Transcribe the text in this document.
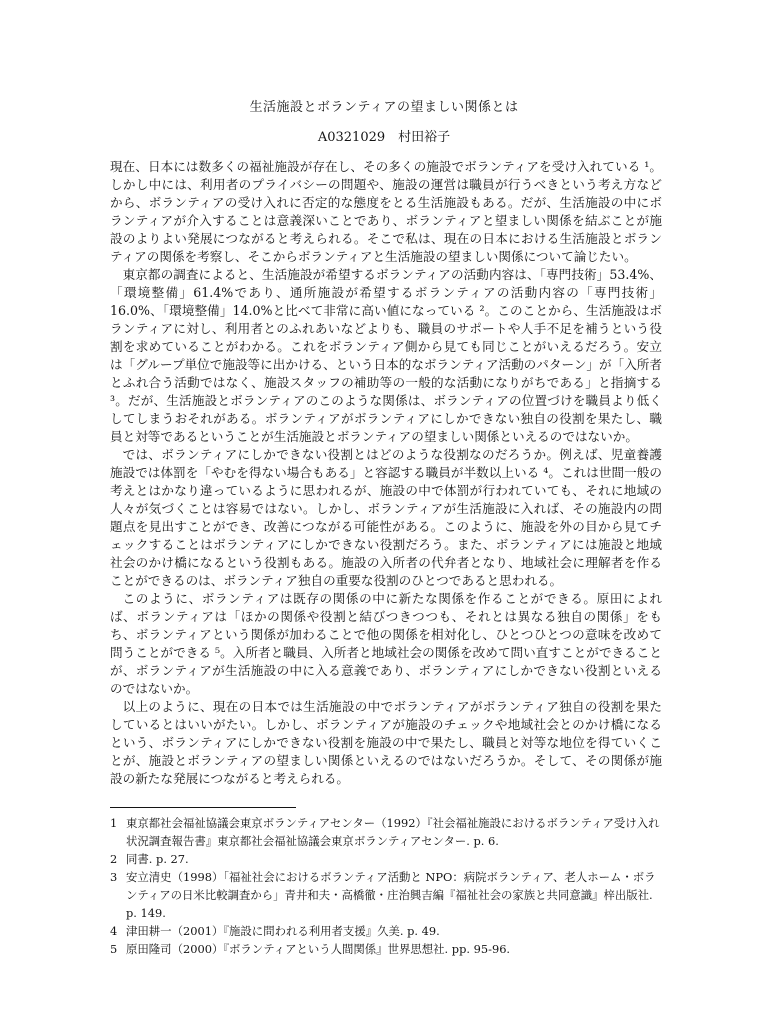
生活施設とボランティアの望ましい関係とは
A0321029　村田裕子

現在、日本には数多くの福祉施設が存在し、その多くの施設でボランティアを受け入れている ¹。しかし中には、利用者のプライバシーの問題や、施設の運営は職員が行うべきという考え方などから、ボランティアの受け入れに否定的な態度をとる生活施設もある。だが、生活施設の中にボランティアが介入することは意義深いことであり、ボランティアと望ましい関係を結ぶことが施設のよりよい発展につながると考えられる。そこで私は、現在の日本における生活施設とボランティアの関係を考察し、そこからボランティアと生活施設の望ましい関係について論じたい。

東京都の調査によると、生活施設が希望するボランティアの活動内容は、「専門技術」53.4%、「環境整備」61.4%であり、通所施設が希望するボランティアの活動内容の「専門技術」16.0%、「環境整備」14.0%と比べて非常に高い値になっている ²。このことから、生活施設はボランティアに対し、利用者とのふれあいなどよりも、職員のサポートや人手不足を補うという役割を求めていることがわかる。これをボランティア側から見ても同じことがいえるだろう。安立は「グループ単位で施設等に出かける、という日本的なボランティア活動のパターン」が「入所者とふれ合う活動ではなく、施設スタッフの補助等の一般的な活動になりがちである」と指摘する ³。だが、生活施設とボランティアのこのような関係は、ボランティアの位置づけを職員より低くしてしまうおそれがある。ボランティアがボランティアにしかできない独自の役割を果たし、職員と対等であるということが生活施設とボランティアの望ましい関係といえるのではないか。

では、ボランティアにしかできない役割とはどのような役割なのだろうか。例えば、児童養護施設では体罰を「やむを得ない場合もある」と容認する職員が半数以上いる ⁴。これは世間一般の考えとはかなり違っているように思われるが、施設の中で体罰が行われていても、それに地域の人々が気づくことは容易ではない。しかし、ボランティアが生活施設に入れば、その施設内の問題点を見出すことができ、改善につながる可能性がある。このように、施設を外の目から見てチェックすることはボランティアにしかできない役割だろう。また、ボランティアには施設と地域社会のかけ橋になるという役割もある。施設の入所者の代弁者となり、地域社会に理解者を作ることができるのは、ボランティア独自の重要な役割のひとつであると思われる。

このように、ボランティアは既存の関係の中に新たな関係を作ることができる。原田によれば、ボランティアは「ほかの関係や役割と結びつきつつも、それとは異なる独自の関係」をもち、ボランティアという関係が加わることで他の関係を相対化し、ひとつひとつの意味を改めて問うことができる ⁵。入所者と職員、入所者と地域社会の関係を改めて問い直すことができることが、ボランティアが生活施設の中に入る意義であり、ボランティアにしかできない役割といえるのではないか。

以上のように、現在の日本では生活施設の中でボランティアがボランティア独自の役割を果たしているとはいいがたい。しかし、ボランティアが施設のチェックや地域社会とのかけ橋になるという、ボランティアにしかできない役割を施設の中で果たし、職員と対等な地位を得ていくことが、施設とボランティアの望ましい関係といえるのではないだろうか。そして、その関係が施設の新たな発展につながると考えられる。

1 東京都社会福祉協議会東京ボランティアセンター（1992）『社会福祉施設におけるボランティア受け入れ状況調査報告書』東京都社会福祉協議会東京ボランティアセンター. p. 6.
2 同書. p. 27.
3 安立清史（1998）「福祉社会におけるボランティア活動と NPO：病院ボランティア、老人ホーム・ボランティアの日米比較調査から」青井和夫・高橋徹・庄治興吉編『福祉社会の家族と共同意識』梓出版社. p. 149.
4 津田耕一（2001）『施設に問われる利用者支援』久美. p. 49.
5 原田隆司（2000）『ボランティアという人間関係』世界思想社. pp. 95-96.
